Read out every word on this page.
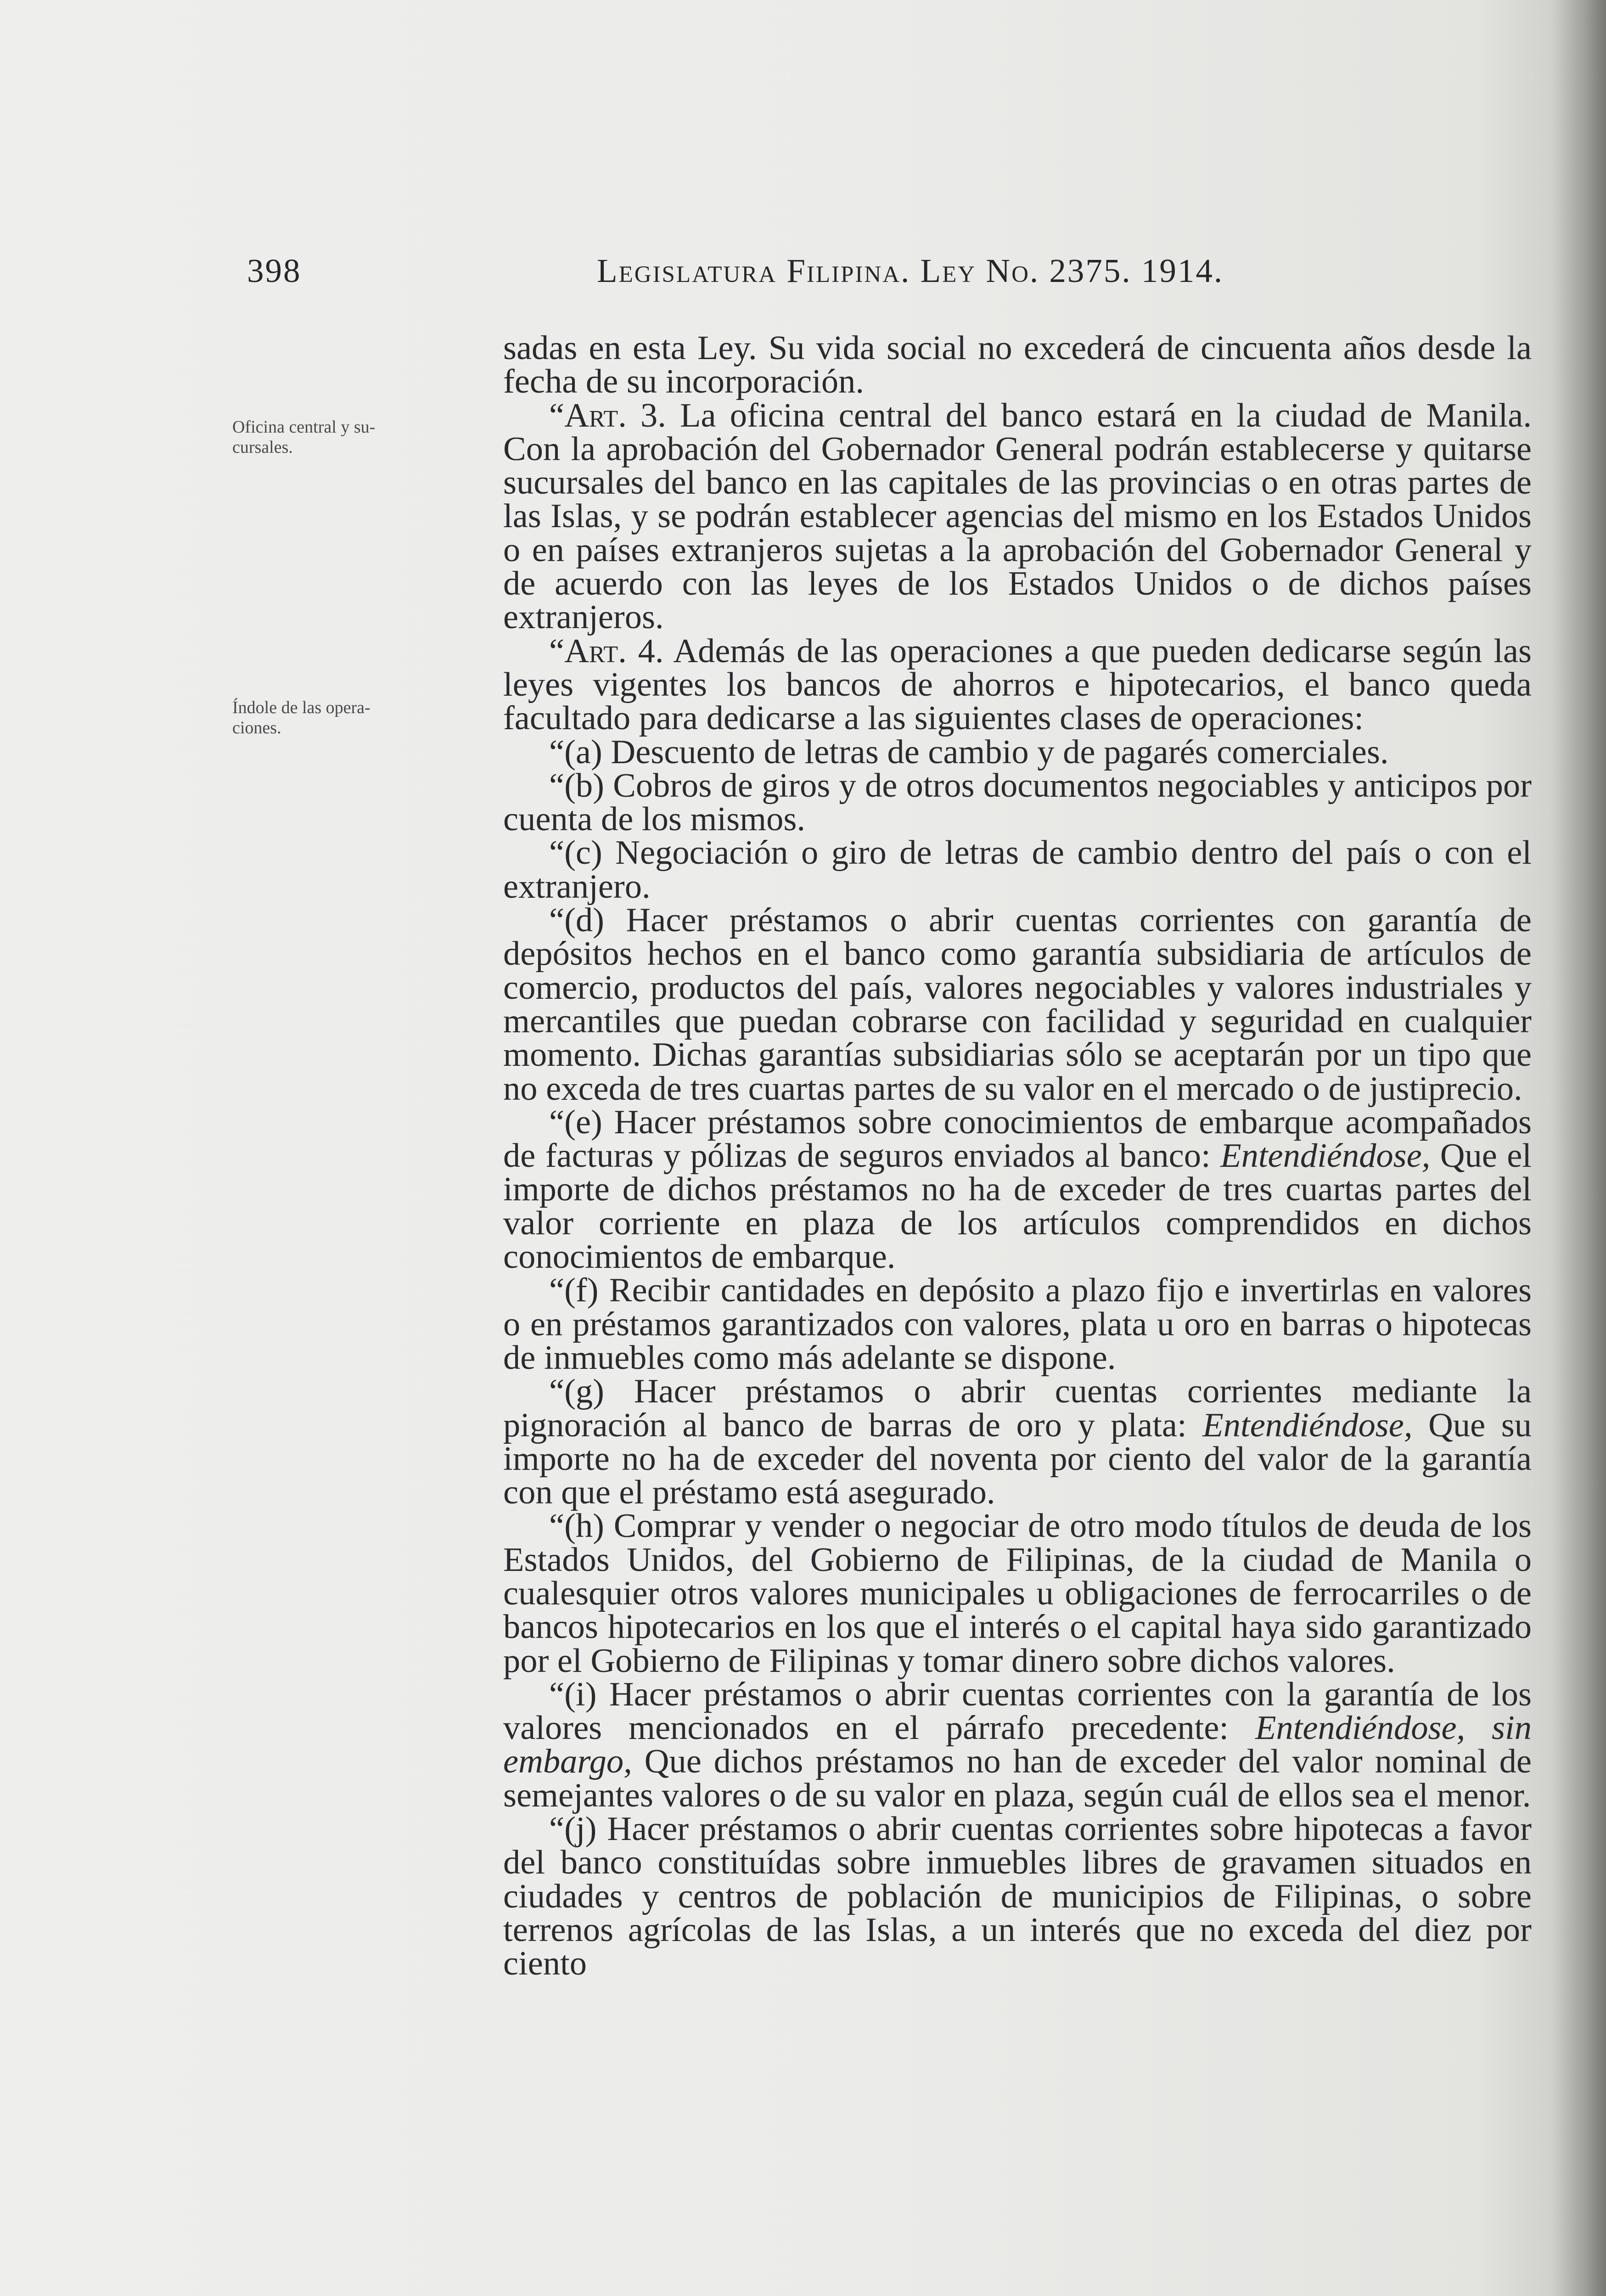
398	Legislatura Filipina. Ley No. 2375. 1914.
Oficina central y su-
cursales.
Índole de las opera-
ciones.

sadas en esta Ley. Su vida social no excederá de cincuenta años desde la fecha de su incorporación.

“Art. 3. La oficina central del banco estará en la ciudad de Manila. Con la aprobación del Gobernador General podrán establecerse y quitarse sucursales del banco en las capitales de las provincias o en otras partes de las Islas, y se podrán establecer agencias del mismo en los Estados Unidos o en países extranjeros sujetas a la aprobación del Gobernador General y de acuerdo con las leyes de los Estados Unidos o de dichos países extranjeros.

“Art. 4. Además de las operaciones a que pueden dedicarse según las leyes vigentes los bancos de ahorros e hipotecarios, el banco queda facultado para dedicarse a las siguientes clases de operaciones:

“(a) Descuento de letras de cambio y de pagarés comerciales.

“(b) Cobros de giros y de otros documentos negociables y anticipos por cuenta de los mismos.

“(c) Negociación o giro de letras de cambio dentro del país o con el extranjero.

“(d) Hacer préstamos o abrir cuentas corrientes con garantía de depósitos hechos en el banco como garantía subsidiaria de artículos de comercio, productos del país, valores negociables y valores industriales y mercantiles que puedan cobrarse con facilidad y seguridad en cualquier momento. Dichas garantías subsidiarias sólo se aceptarán por un tipo que no exceda de tres cuartas partes de su valor en el mercado o de justiprecio.

“(e) Hacer préstamos sobre conocimientos de embarque acompañados de facturas y pólizas de seguros enviados al banco: Entendiéndose, Que el importe de dichos préstamos no ha de exceder de tres cuartas partes del valor corriente en plaza de los artículos comprendidos en dichos conocimientos de embarque.

“(f) Recibir cantidades en depósito a plazo fijo e invertirlas en valores o en préstamos garantizados con valores, plata u oro en barras o hipotecas de inmuebles como más adelante se dispone.

“(g) Hacer préstamos o abrir cuentas corrientes mediante la pignoración al banco de barras de oro y plata: Entendiéndose, Que su importe no ha de exceder del noventa por ciento del valor de la garantía con que el préstamo está asegurado.

“(h) Comprar y vender o negociar de otro modo títulos de deuda de los Estados Unidos, del Gobierno de Filipinas, de la ciudad de Manila o cualesquier otros valores municipales u obligaciones de ferrocarriles o de bancos hipotecarios en los que el interés o el capital haya sido garantizado por el Gobierno de Filipinas y tomar dinero sobre dichos valores.

“(i) Hacer préstamos o abrir cuentas corrientes con la garantía de los valores mencionados en el párrafo precedente: Entendiéndose, sin embargo, Que dichos préstamos no han de exceder del valor nominal de semejantes valores o de su valor en plaza, según cuál de ellos sea el menor.

“(j) Hacer préstamos o abrir cuentas corrientes sobre hipotecas a favor del banco constituídas sobre inmuebles libres de gravamen situados en ciudades y centros de población de municipios de Filipinas, o sobre terrenos agrícolas de las Islas, a un interés que no exceda del diez por ciento
